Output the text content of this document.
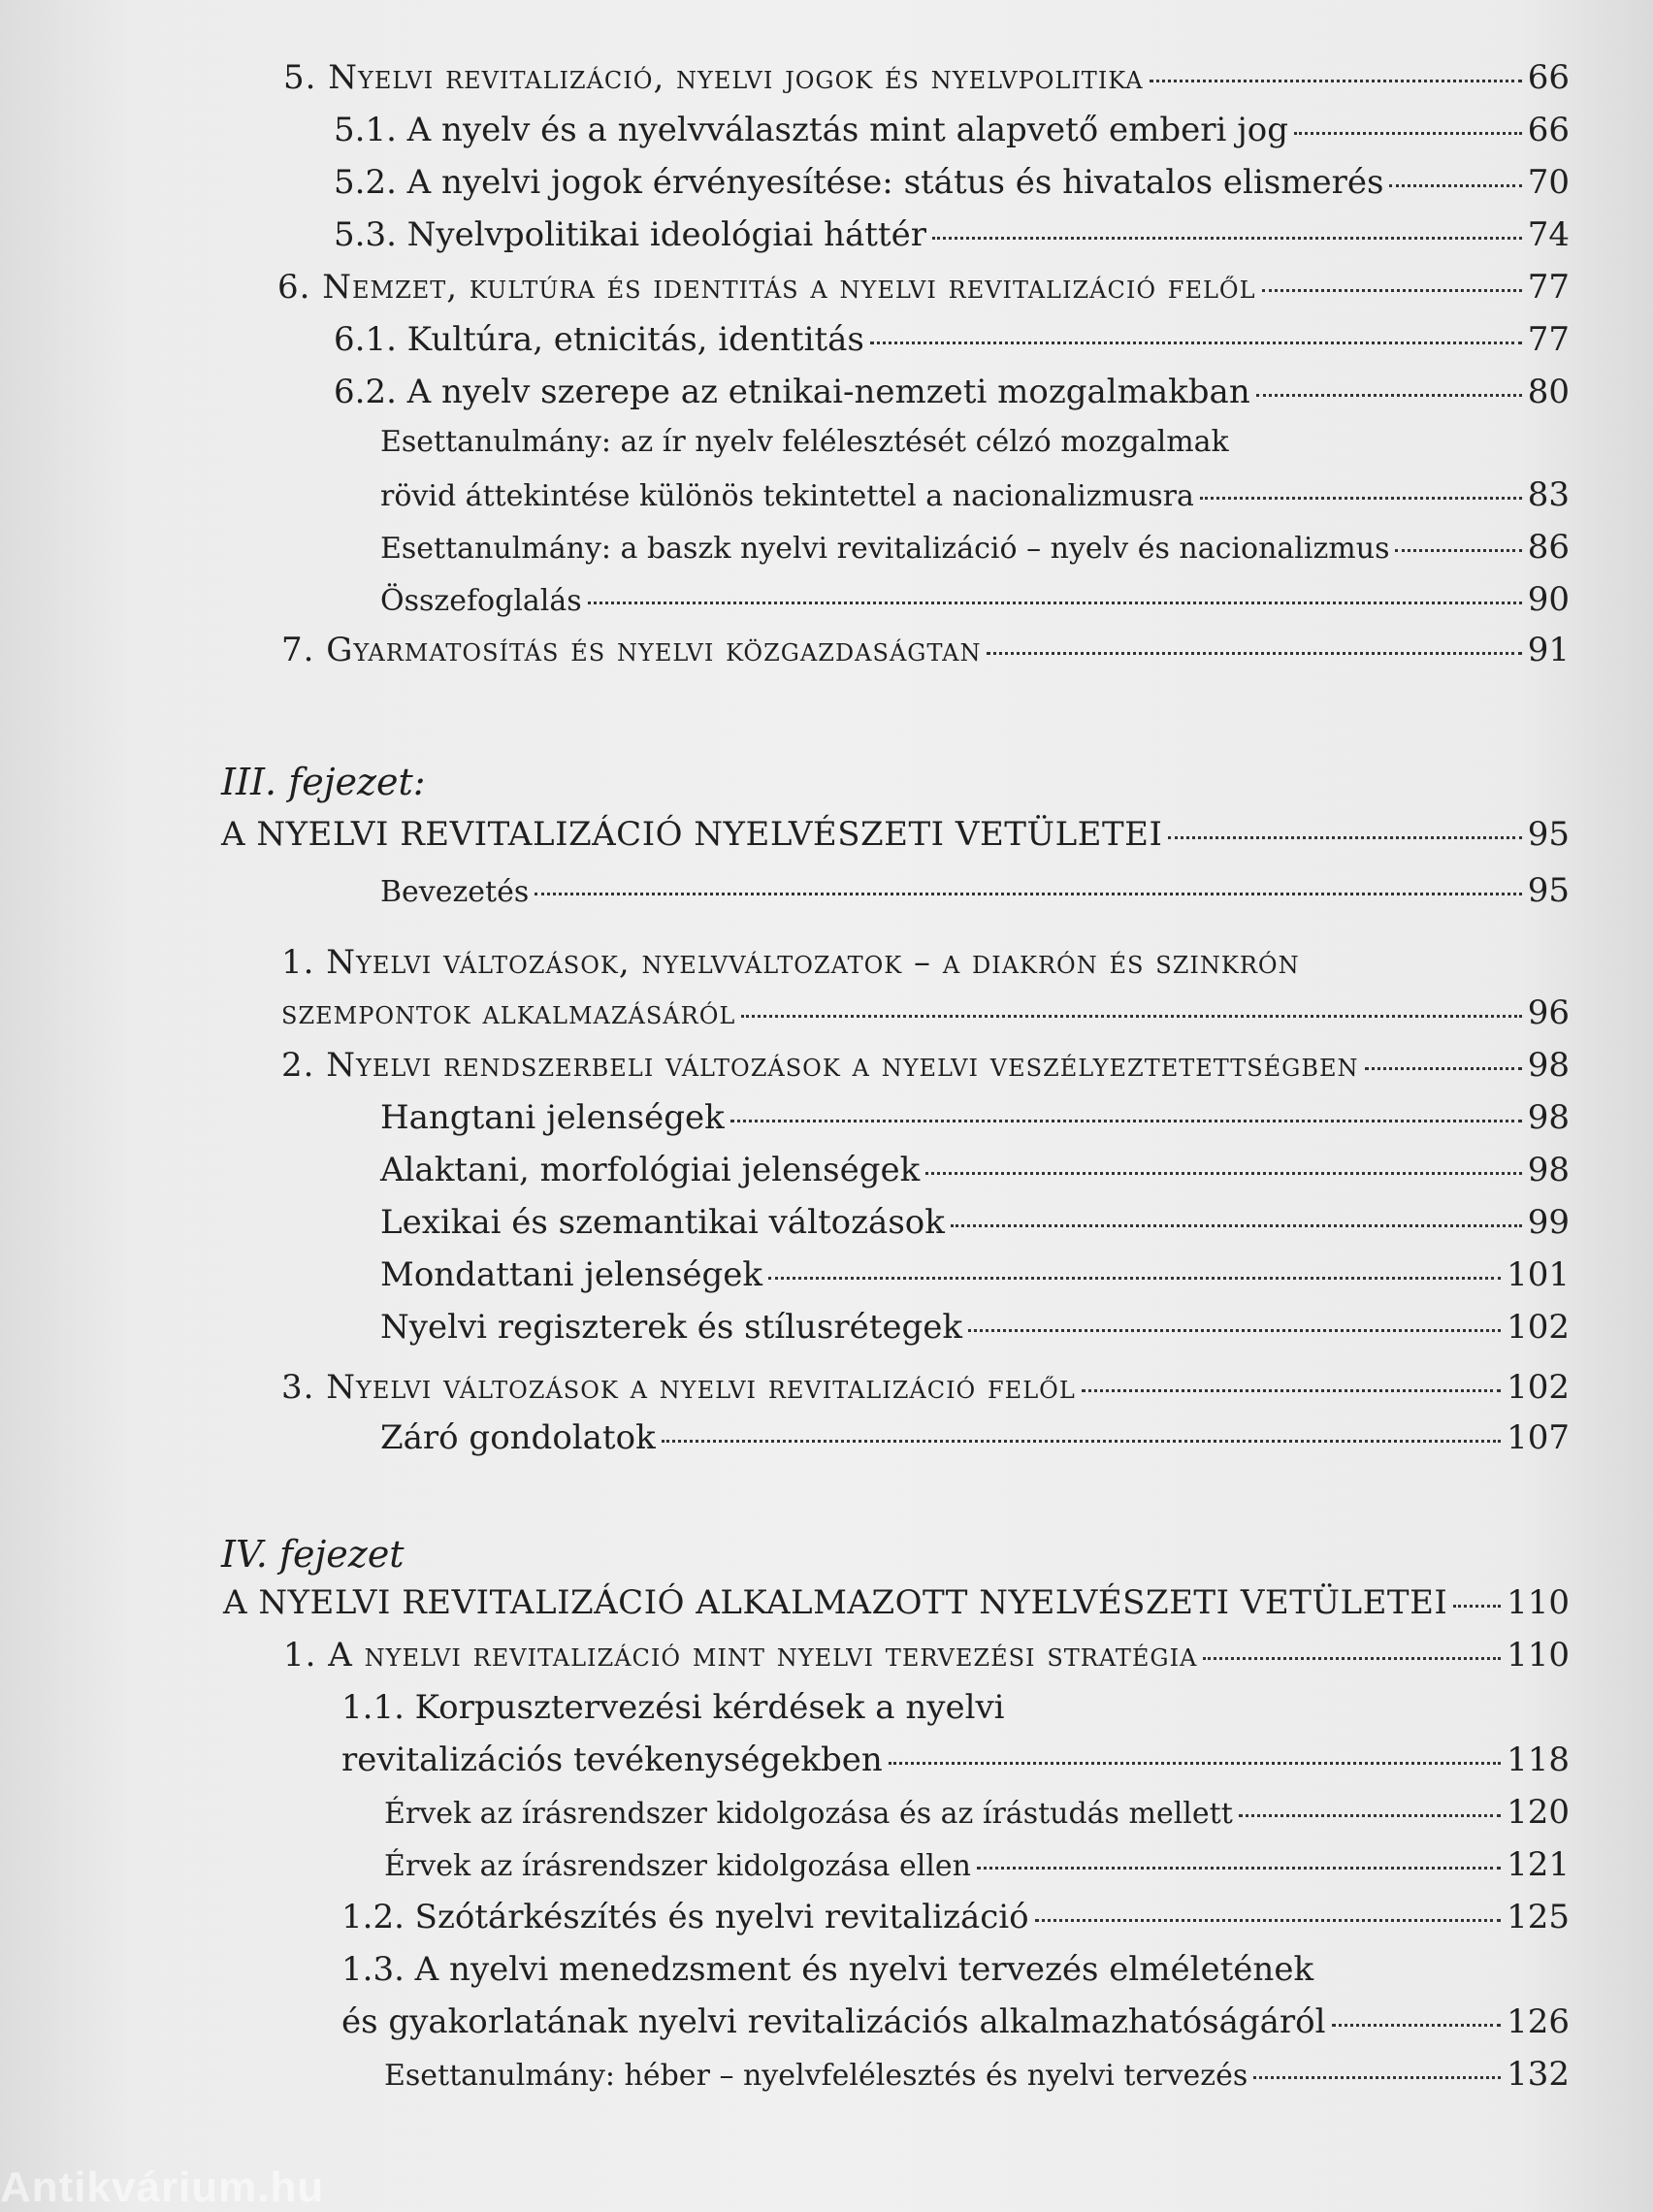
5. Nyelvi revitalizáció, nyelvi jogok és nyelvpolitika	66
5.1. A nyelv és a nyelvválasztás mint alapvető emberi jog	66
5.2. A nyelvi jogok érvényesítése: státus és hivatalos elismerés	70
5.3. Nyelvpolitikai ideológiai háttér	74
6. Nemzet, kultúra és identitás a nyelvi revitalizáció felől	77
6.1. Kultúra, etnicitás, identitás	77
6.2. A nyelv szerepe az etnikai-nemzeti mozgalmakban	80
Esettanulmány: az ír nyelv felélesztését célzó mozgalmak
rövid áttekintése különös tekintettel a nacionalizmusra	83
Esettanulmány: a baszk nyelvi revitalizáció – nyelv és nacionalizmus	86
Összefoglalás	90
7. Gyarmatosítás és nyelvi közgazdaságtan	91
III. fejezet:
A NYELVI REVITALIZÁCIÓ NYELVÉSZETI VETÜLETEI	95
Bevezetés	95
1. Nyelvi változások, nyelvváltozatok – a diakrón és szinkrón
szempontok alkalmazásáról	96
2. Nyelvi rendszerbeli változások a nyelvi veszélyeztetettségben	98
Hangtani jelenségek	98
Alaktani, morfológiai jelenségek	98
Lexikai és szemantikai változások	99
Mondattani jelenségek	101
Nyelvi regiszterek és stílusrétegek	102
3. Nyelvi változások a nyelvi revitalizáció felől	102
Záró gondolatok	107
IV. fejezet
A NYELVI REVITALIZÁCIÓ ALKALMAZOTT NYELVÉSZETI VETÜLETEI 110
1. A nyelvi revitalizáció mint nyelvi tervezési stratégia	110
1.1. Korpusztervezési kérdések a nyelvi
revitalizációs tevékenységekben	118
Érvek az írásrendszer kidolgozása és az írástudás mellett	120
Érvek az írásrendszer kidolgozása ellen	121
1.2. Szótárkészítés és nyelvi revitalizáció	125
1.3. A nyelvi menedzsment és nyelvi tervezés elméletének
és gyakorlatának nyelvi revitalizációs alkalmazhatóságáról	126
Esettanulmány: héber – nyelvfelélesztés és nyelvi tervezés	132
Antikvárium.hu
